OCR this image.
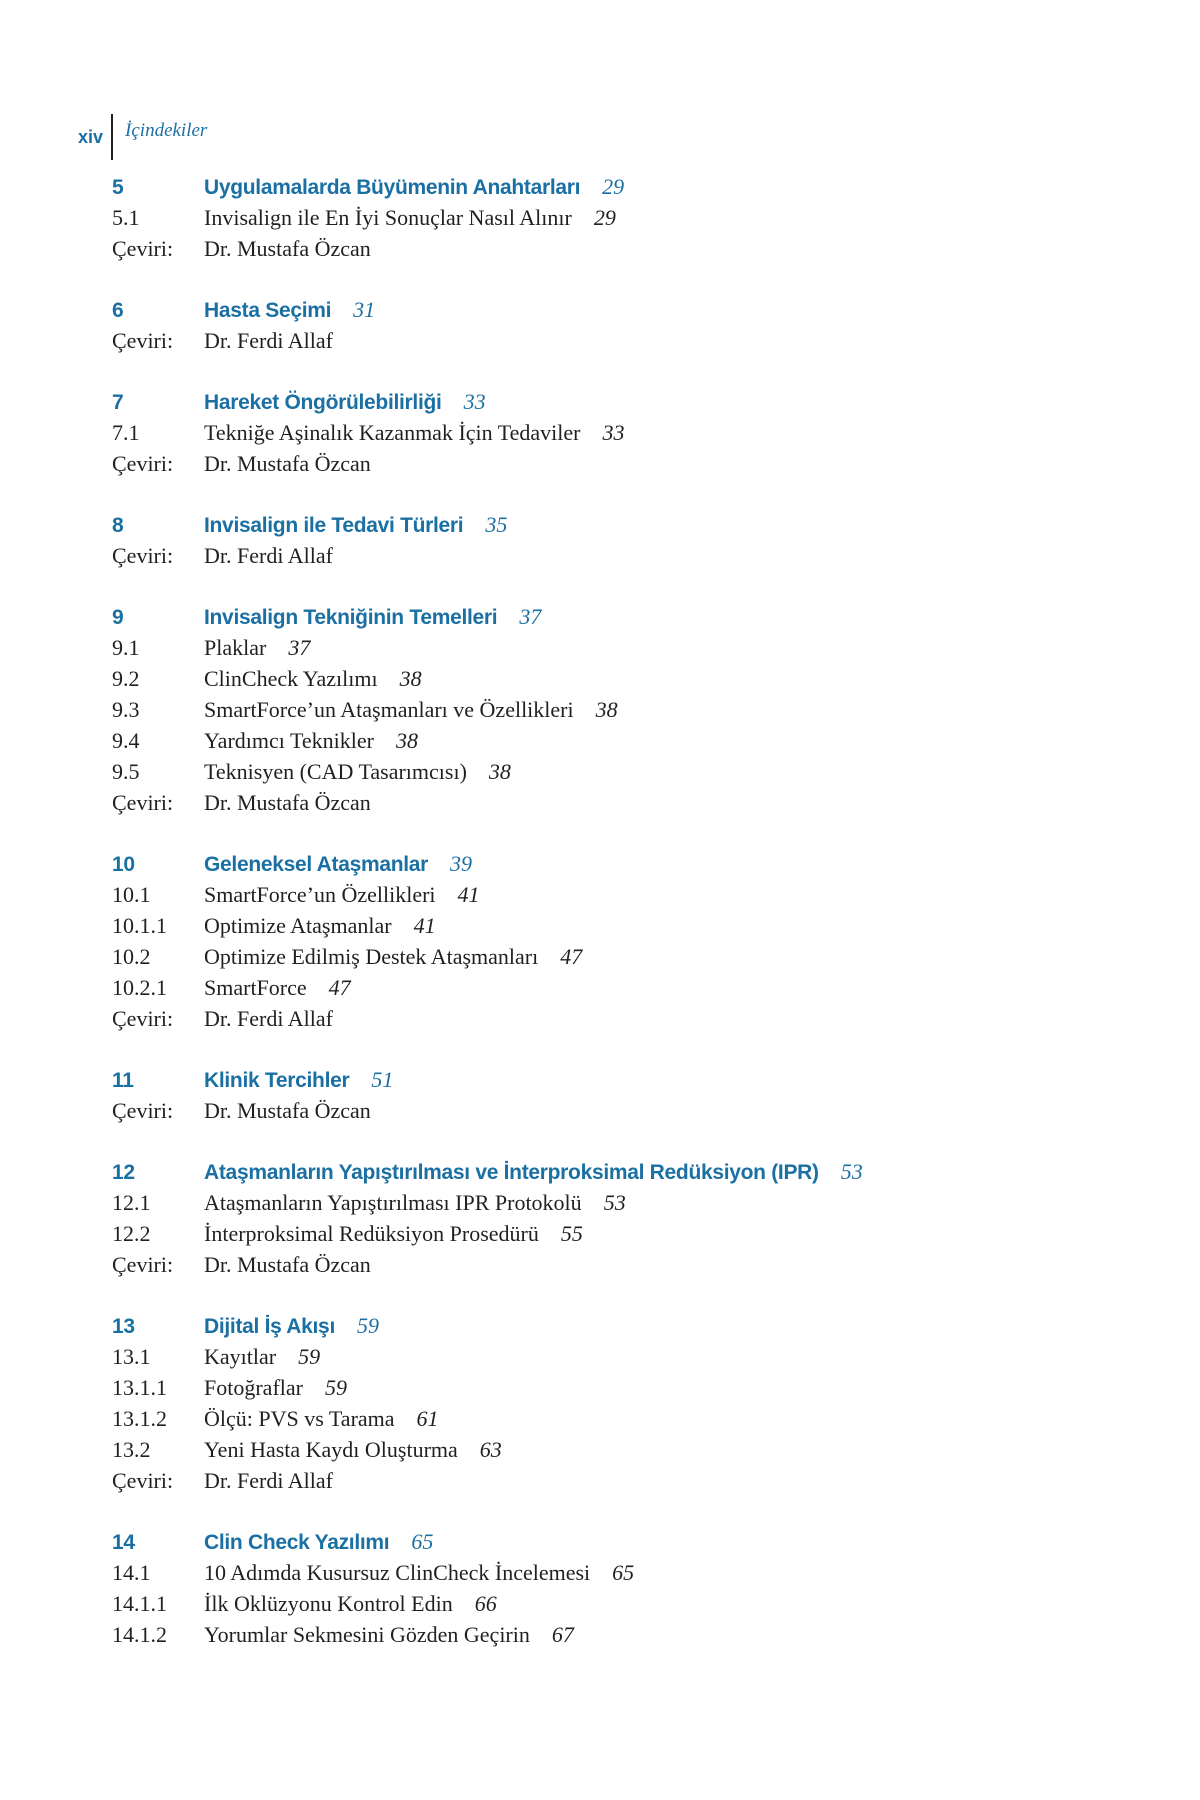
xiv	İçindekiler
5	Uygulamalarda Büyümenin Anahtarları 29
5.1	Invisalign ile En İyi Sonuçlar Nasıl Alınır 29
Çeviri:	Dr. Mustafa Özcan
6	Hasta Seçimi 31
Çeviri:	Dr. Ferdi Allaf
7	Hareket Öngörülebilirliği 33
7.1	Tekniğe Aşinalık Kazanmak İçin Tedaviler 33
Çeviri:	Dr. Mustafa Özcan
8	Invisalign ile Tedavi Türleri 35
Çeviri:	Dr. Ferdi Allaf
9	Invisalign Tekniğinin Temelleri 37
9.1	Plaklar 37
9.2	ClinCheck Yazılımı 38
9.3	SmartForce’un Ataşmanları ve Özellikleri 38
9.4	Yardımcı Teknikler 38
9.5	Teknisyen (CAD Tasarımcısı) 38
Çeviri:	Dr. Mustafa Özcan
10	Geleneksel Ataşmanlar 39
10.1	SmartForce’un Özellikleri 41
10.1.1	Optimize Ataşmanlar 41
10.2	Optimize Edilmiş Destek Ataşmanları 47
10.2.1	SmartForce 47
Çeviri:	Dr. Ferdi Allaf
11	Klinik Tercihler 51
Çeviri:	Dr. Mustafa Özcan
12	Ataşmanların Yapıştırılması ve İnterproksimal Redüksiyon (IPR) 53
12.1	Ataşmanların Yapıştırılması IPR Protokolü 53
12.2	İnterproksimal Redüksiyon Prosedürü 55
Çeviri:	Dr. Mustafa Özcan
13	Dijital İş Akışı 59
13.1	Kayıtlar 59
13.1.1	Fotoğraflar 59
13.1.2	Ölçü: PVS vs Tarama 61
13.2	Yeni Hasta Kaydı Oluşturma 63
Çeviri:	Dr. Ferdi Allaf
14	Clin Check Yazılımı 65
14.1	10 Adımda Kusursuz ClinCheck İncelemesi 65
14.1.1	İlk Oklüzyonu Kontrol Edin 66
14.1.2	Yorumlar Sekmesini Gözden Geçirin 67
